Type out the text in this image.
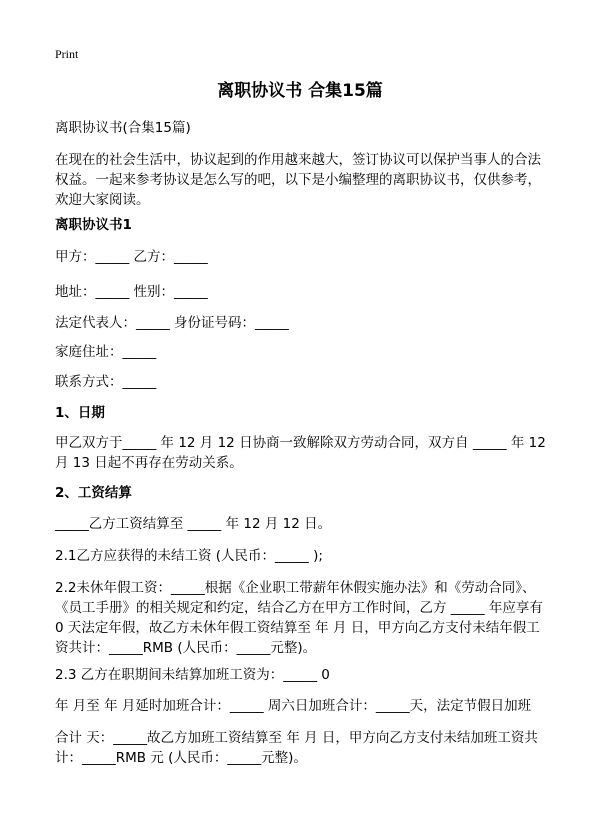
Print

离职协议书 合集15篇

离职协议书(合集15篇)

在现在的社会生活中，协议起到的作用越来越大，签订协议可以保护当事人的合法

权益。一起来参考协议是怎么写的吧，以下是小编整理的离职协议书，仅供参考，

欢迎大家阅读。

离职协议书1

甲方：_____ 乙方：_____

地址：_____ 性别：_____

法定代表人：_____ 身份证号码：_____

家庭住址：_____

联系方式：_____

1、日期

甲乙双方于_____ 年 12 月 12 日协商一致解除双方劳动合同，双方自 _____ 年 12

月 13 日起不再存在劳动关系。

2、工资结算

_____乙方工资结算至 _____ 年 12 月 12 日。

2.1乙方应获得的未结工资 (人民币：_____ );

2.2未休年假工资：_____根据《企业职工带薪年休假实施办法》和《劳动合同》、

《员工手册》的相关规定和约定，结合乙方在甲方工作时间，乙方 _____ 年应享有

0 天法定年假，故乙方未休年假工资结算至 年 月 日，甲方向乙方支付未结年假工

资共计：_____RMB (人民币：_____元整)。

2.3 乙方在职期间未结算加班工资为：_____ 0

年 月至 年 月延时加班合计：_____ 周六日加班合计：_____天，法定节假日加班

合计 天：_____故乙方加班工资结算至 年 月 日，甲方向乙方支付未结加班工资共

计：_____RMB 元 (人民币：_____元整)。
